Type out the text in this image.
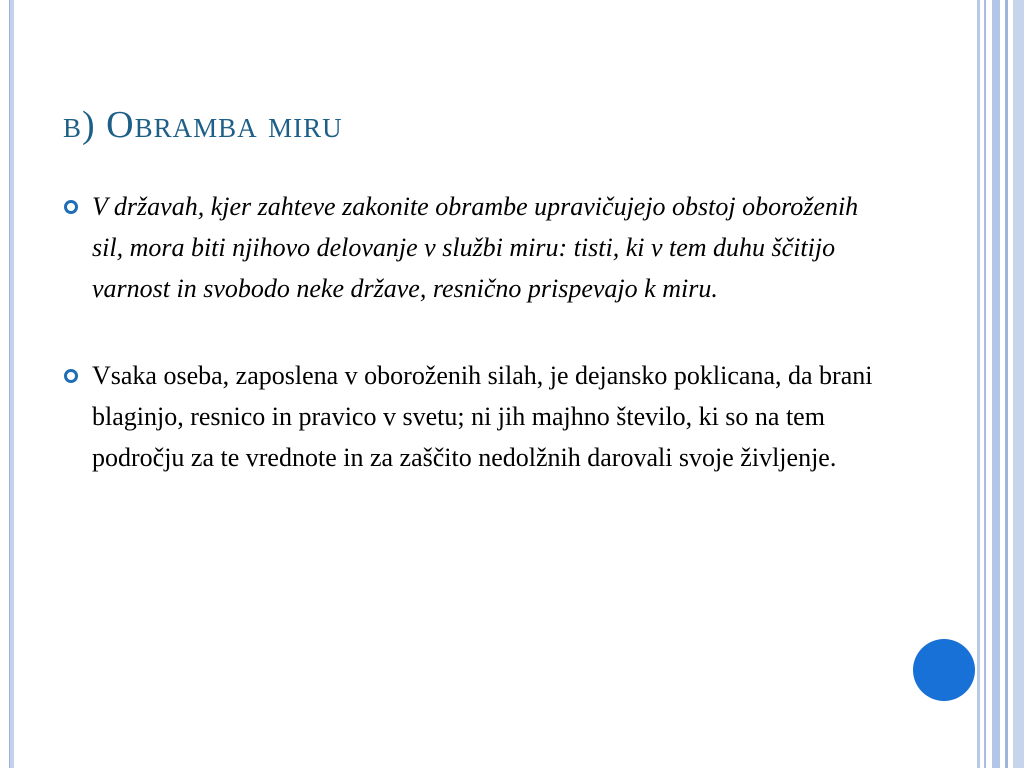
b) Obramba miru
V državah, kjer zahteve zakonite obrambe upravičujejo obstoj oboroženih sil, mora biti njihovo delovanje v službi miru: tisti, ki v tem duhu ščitijo varnost in svobodo neke države, resnično prispevajo k miru.
Vsaka oseba, zaposlena v oboroženih silah, je dejansko poklicana, da brani blaginjo, resnico in pravico v svetu; ni jih majhno število, ki so na tem področju za te vrednote in za zaščito nedolžnih darovali svoje življenje.
